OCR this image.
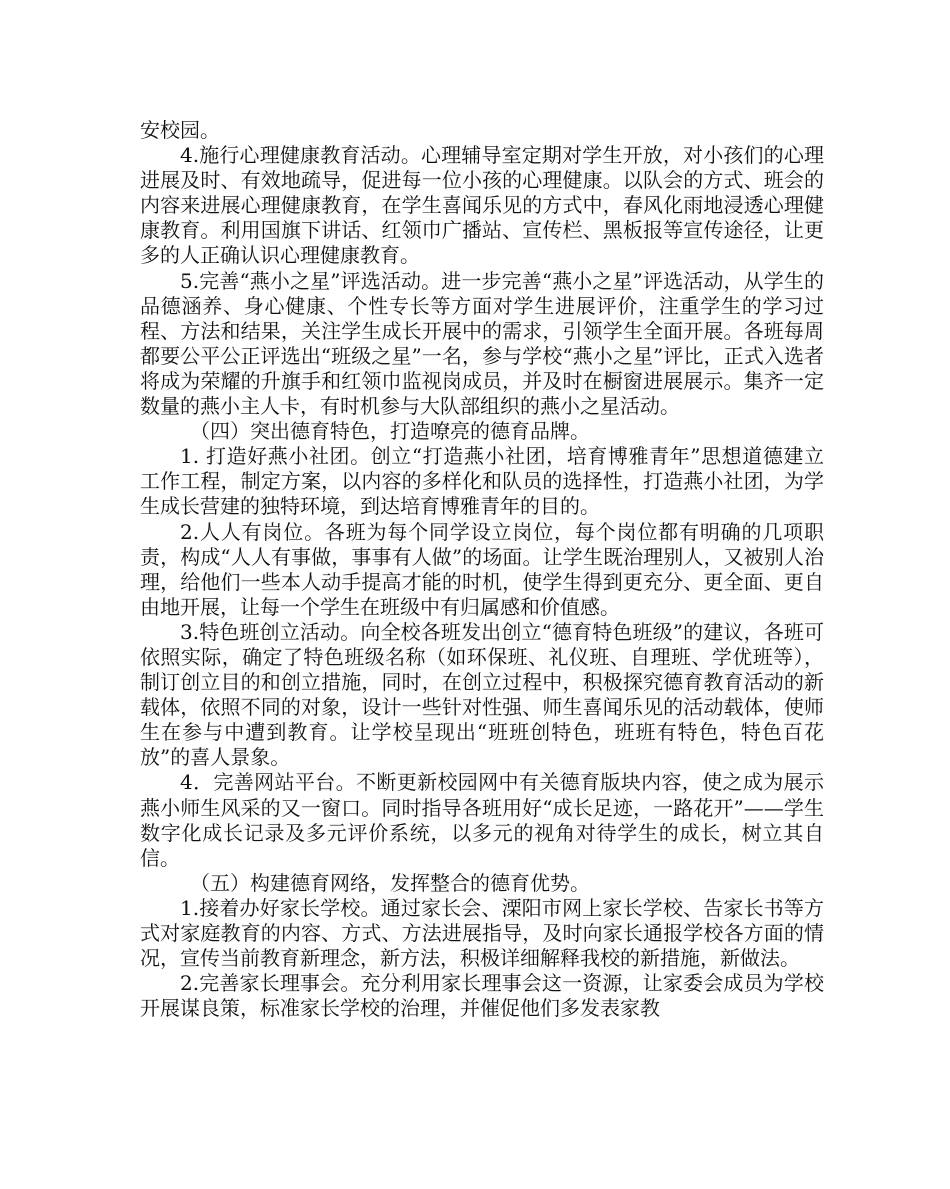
安校园。

4.施行心理健康教育活动。心理辅导室定期对学生开放，对小孩们的心理进展及时、有效地疏导，促进每一位小孩的心理健康。以队会的方式、班会的内容来进展心理健康教育，在学生喜闻乐见的方式中，春风化雨地浸透心理健康教育。利用国旗下讲话、红领巾广播站、宣传栏、黑板报等宣传途径，让更多的人正确认识心理健康教育。

5.完善“燕小之星”评选活动。进一步完善“燕小之星”评选活动，从学生的品德涵养、身心健康、个性专长等方面对学生进展评价，注重学生的学习过程、方法和结果，关注学生成长开展中的需求，引领学生全面开展。各班每周都要公平公正评选出“班级之星”一名，参与学校“燕小之星”评比，正式入选者将成为荣耀的升旗手和红领巾监视岗成员，并及时在橱窗进展展示。集齐一定数量的燕小主人卡，有时机参与大队部组织的燕小之星活动。

（四）突出德育特色，打造嘹亮的德育品牌。

1. 打造好燕小社团。创立“打造燕小社团，培育博雅青年”思想道德建立工作工程，制定方案，以内容的多样化和队员的选择性，打造燕小社团，为学生成长营建的独特环境，到达培育博雅青年的目的。

2.人人有岗位。各班为每个同学设立岗位，每个岗位都有明确的几项职责，构成“人人有事做，事事有人做”的场面。让学生既治理别人，又被别人治理，给他们一些本人动手提高才能的时机，使学生得到更充分、更全面、更自由地开展，让每一个学生在班级中有归属感和价值感。

3.特色班创立活动。向全校各班发出创立“德育特色班级”的建议，各班可依照实际，确定了特色班级名称（如环保班、礼仪班、自理班、学优班等），制订创立目的和创立措施，同时，在创立过程中，积极探究德育教育活动的新载体，依照不同的对象，设计一些针对性强、师生喜闻乐见的活动载体，使师生在参与中遭到教育。让学校呈现出“班班创特色，班班有特色，特色百花放”的喜人景象。

4．完善网站平台。不断更新校园网中有关德育版块内容，使之成为展示燕小师生风采的又一窗口。同时指导各班用好“成长足迹，一路花开”——学生数字化成长记录及多元评价系统，以多元的视角对待学生的成长，树立其自信。

（五）构建德育网络，发挥整合的德育优势。

1.接着办好家长学校。通过家长会、溧阳市网上家长学校、告家长书等方式对家庭教育的内容、方式、方法进展指导，及时向家长通报学校各方面的情况，宣传当前教育新理念，新方法，积极详细解释我校的新措施，新做法。

2.完善家长理事会。充分利用家长理事会这一资源，让家委会成员为学校开展谋良策，标准家长学校的治理，并催促他们多发表家教
